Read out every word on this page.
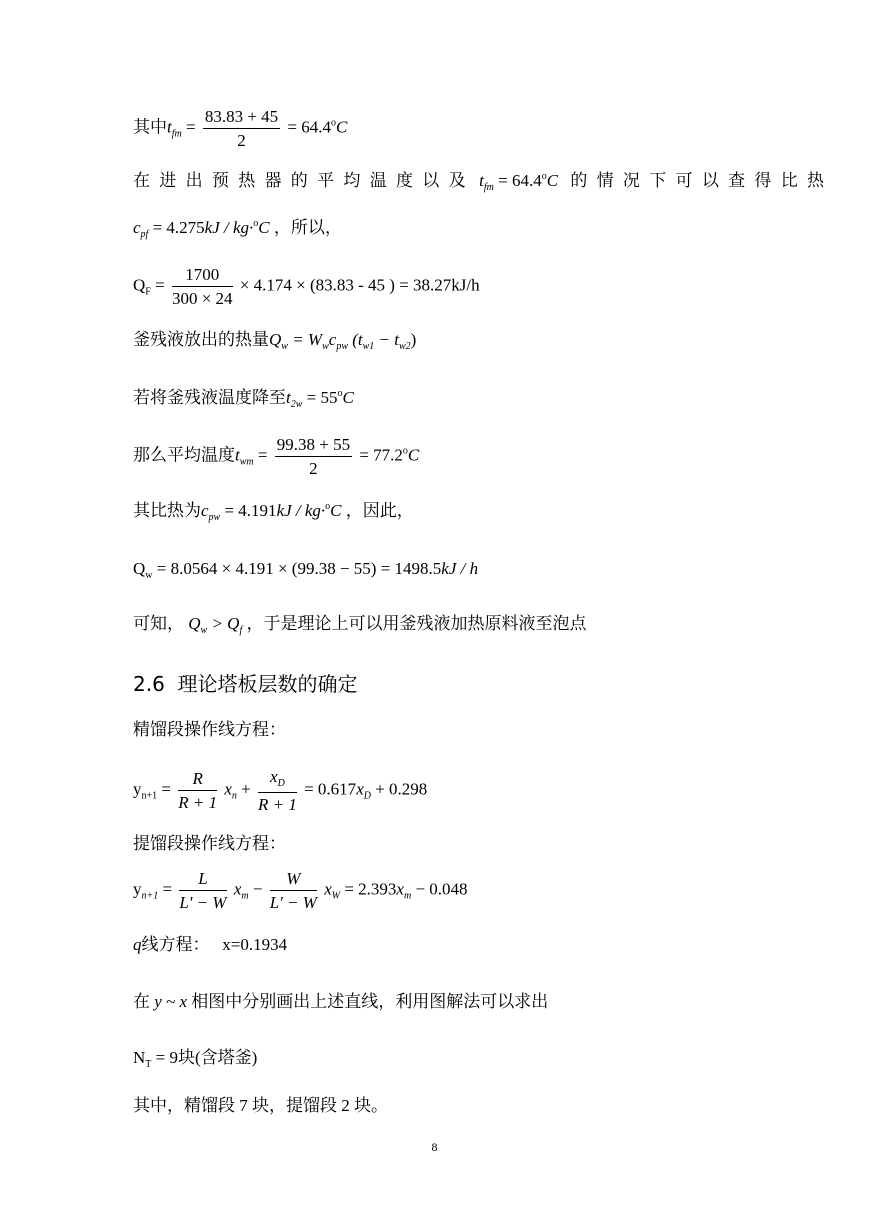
其中$t_{fm} = \frac{83.83 + 45}{2} = 64.4^oC$
在进出预热器的平均温度以及 $t_{fm} = 64.4^oC$ 的情况下可以查得比热
$c_{pf} = 4.275kJ / kg\cdot^oC$ ，所以，
$Q_F = \frac{1700}{300 \times 24} \times 4.174 \times (83.83 - 45$ ) = 38.27kJ/h
釜残液放出的热量$Q_w = W_wc_{pw}$ $(t_{w1} - t_{w2})$
若将釜残液温度降至$t_{2w} = 55^oC$
那么平均温度$t_{wm} = \frac{99.38 + 55}{2} = 77.2^oC$
其比热为$c_{pw} = 4.191kJ / kg\cdot^oC$ ，因此，
$Q_w = 8.0564 \times 4.191 \times (99.38 - 55) = 1498.5kJ / h$
可知， $Q_w > Q_f$ ，于是理论上可以用釜残液加热原料液至泡点
2.6 理论塔板层数的确定
精馏段操作线方程：
$y_{n+1} = \frac{R}{R + 1} x_n + \frac{x_D}{R + 1} = 0.617x_D + 0.298$
提馏段操作线方程：
$y_{n+1} = \frac{L}{L' - W} x_m - \frac{W}{L' - W} x_W = 2.393x_m - 0.048$
q线方程： x=0.1934
在 y ~ x 相图中分别画出上述直线，利用图解法可以求出
$N_T = 9$块(含塔釜)
其中，精馏段 7 块，提馏段 2 块。
8
